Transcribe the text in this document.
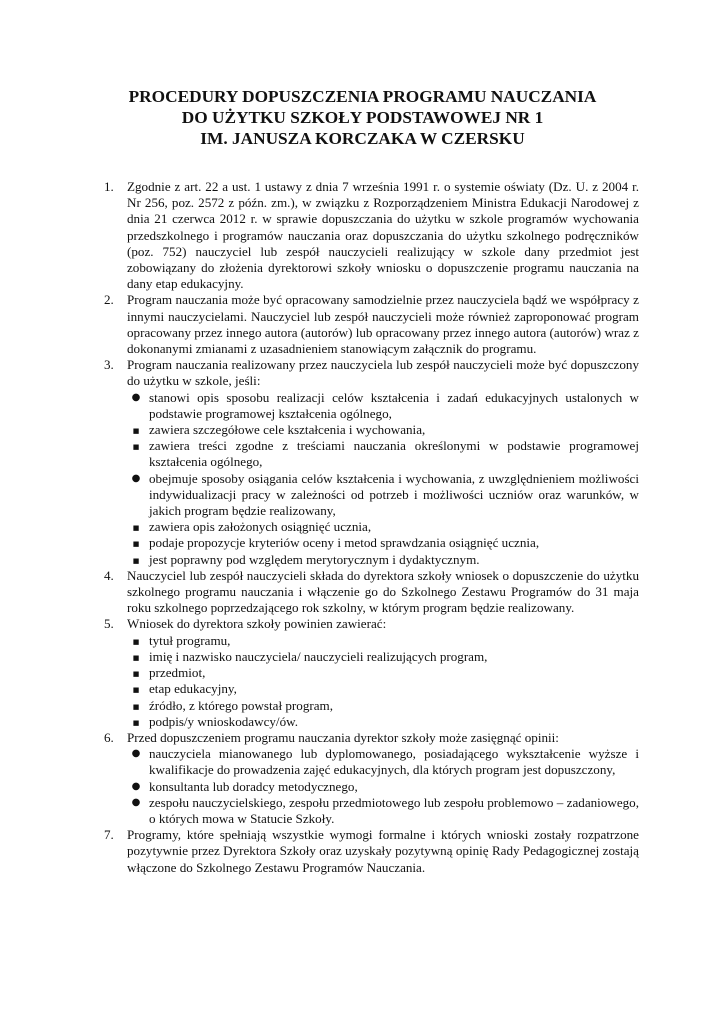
PROCEDURY DOPUSZCZENIA PROGRAMU NAUCZANIA
DO UŻYTKU SZKOŁY PODSTAWOWEJ NR 1
IM. JANUSZA KORCZAKA W CZERSKU
1. Zgodnie z art. 22 a ust. 1 ustawy z dnia 7 września 1991 r. o systemie oświaty (Dz. U. z 2004 r. Nr 256, poz. 2572 z późn. zm.), w związku z Rozporządzeniem Ministra Edukacji Narodowej z dnia 21 czerwca 2012 r. w sprawie dopuszczania do użytku w szkole programów wychowania przedszkolnego i programów nauczania oraz dopuszczania do użytku szkolnego podręczników (poz. 752) nauczyciel lub zespół nauczycieli realizujący w szkole dany przedmiot jest zobowiązany do złożenia dyrektorowi szkoły wniosku o dopuszczenie programu nauczania na dany etap edukacyjny.
2. Program nauczania może być opracowany samodzielnie przez nauczyciela bądź we współpracy z innymi nauczycielami. Nauczyciel lub zespół nauczycieli może również zaproponować program opracowany przez innego autora (autorów) lub opracowany przez innego autora (autorów) wraz z dokonanymi zmianami z uzasadnieniem stanowiącym załącznik do programu.
3. Program nauczania realizowany przez nauczyciela lub zespół nauczycieli może być dopuszczony do użytku w szkole, jeśli:
● stanowi opis sposobu realizacji celów kształcenia i zadań edukacyjnych ustalonych w podstawie programowej kształcenia ogólnego,
■ zawiera szczegółowe cele kształcenia i wychowania,
■ zawiera treści zgodne z treściami nauczania określonymi w podstawie programowej kształcenia ogólnego,
● obejmuje sposoby osiągania celów kształcenia i wychowania, z uwzględnieniem możliwości indywidualizacji pracy w zależności od potrzeb i możliwości uczniów oraz warunków, w jakich program będzie realizowany,
■ zawiera opis założonych osiągnięć ucznia,
■ podaje propozycje kryteriów oceny i metod sprawdzania osiągnięć ucznia,
■ jest poprawny pod względem merytorycznym i dydaktycznym.
4. Nauczyciel lub zespół nauczycieli składa do dyrektora szkoły wniosek o dopuszczenie do użytku szkolnego programu nauczania i włączenie go do Szkolnego Zestawu Programów do 31 maja roku szkolnego poprzedzającego rok szkolny, w którym program będzie realizowany.
5. Wniosek do dyrektora szkoły powinien zawierać:
■ tytuł programu,
■ imię i nazwisko nauczyciela/ nauczycieli realizujących program,
■ przedmiot,
■ etap edukacyjny,
■ źródło, z którego powstał program,
■ podpis/y wnioskodawcy/ów.
6. Przed dopuszczeniem programu nauczania dyrektor szkoły może zasięgnąć opinii:
● nauczyciela mianowanego lub dyplomowanego, posiadającego wykształcenie wyższe i kwalifikacje do prowadzenia zajęć edukacyjnych, dla których program jest dopuszczony,
● konsultanta lub doradcy metodycznego,
● zespołu nauczycielskiego, zespołu przedmiotowego lub zespołu problemowo – zadaniowego, o których mowa w Statucie Szkoły.
7. Programy, które spełniają wszystkie wymogi formalne i których wnioski zostały rozpatrzone pozytywnie przez Dyrektora Szkoły oraz uzyskały pozytywną opinię Rady Pedagogicznej zostają włączone do Szkolnego Zestawu Programów Nauczania.
